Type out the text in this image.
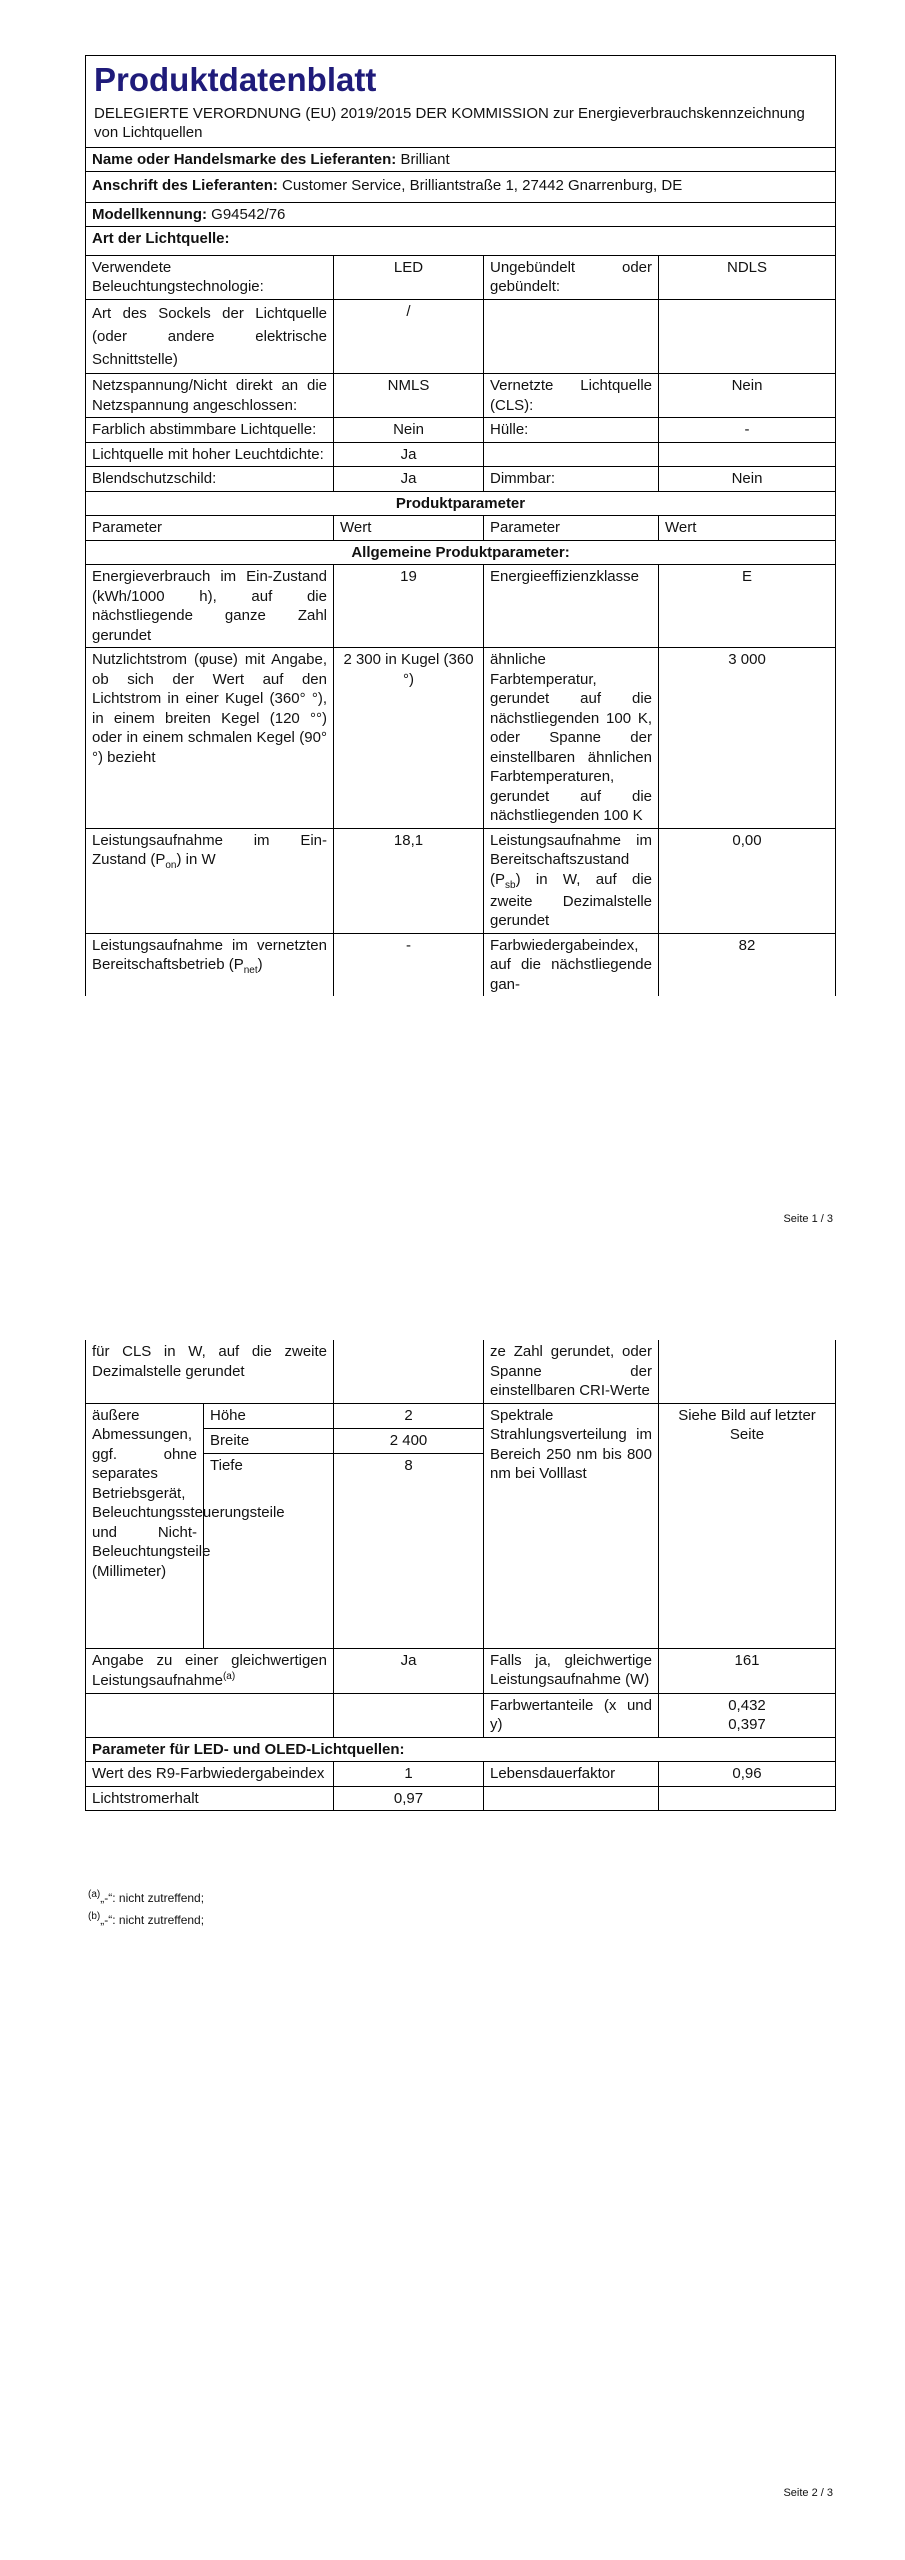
Produktdatenblatt
DELEGIERTE VERORDNUNG (EU) 2019/2015 DER KOMMISSION zur Energieverbrauchskennzeichnung von Lichtquellen			

Name oder Handelsmarke des Lieferanten: Brilliant			
Anschrift des Lieferanten: Customer Service, Brilliantstraße 1, 27442 Gnarrenburg, DE			
Modellkennung: G94542/76			
Art der Lichtquelle:			
Verwendete Beleuchtungstechnologie:	LED	Ungebündelt oder gebündelt:	NDLS
Art des Sockels der Lichtquelle (oder andere elektrische Schnittstelle)	/		
Netzspannung/Nicht direkt an die Netzspannung angeschlossen:	NMLS	Vernetzte Lichtquelle (CLS):	Nein
Farblich abstimmbare Lichtquelle:	Nein	Hülle:	-
Lichtquelle mit hoher Leuchtdichte:	Ja		
Blendschutzschild:	Ja	Dimmbar:	Nein
Produktparameter			
Parameter	Wert	Parameter	Wert
Allgemeine Produktparameter:			
Energieverbrauch im Ein-Zustand (kWh/1000 h), auf die nächstliegende ganze Zahl gerundet	19	Energieeffizienzklasse	E
Nutzlichtstrom (φuse) mit Angabe, ob sich der Wert auf den Lichtstrom in einer Kugel (360° °), in einem breiten Kegel (120 °°) oder in einem schmalen Kegel (90° °) bezieht	2 300 in Kugel (360 °)	ähnliche Farbtemperatur, gerundet auf die nächstliegenden 100 K, oder Spanne der einstellbaren ähnlichen Farbtemperaturen, gerundet auf die nächstliegenden 100 K	3 000
Leistungsaufnahme im Ein-Zustand $(P_{on})$ in W	18,1	Leistungsaufnahme im Bereitschaftszustand $(P_{sb})$ in W, auf die zweite Dezimalstelle gerundet	0,00
Leistungsaufnahme im vernetzten Bereitschaftsbetrieb $(P_{net})$	-	Farbwiedergabeindex, auf die nächstliegende gan-	82
Seite 1 / 3
für CLS in W, auf die zweite Dezimalstelle gerundet			ze Zahl gerundet, oder Spanne der einstellbaren CRI-Werte	
äußere Abmessungen, ggf. ohne separates Betriebsgerät, Beleuchtungssteuerungsteile und Nicht-Beleuchtungsteile (Millimeter)	Höhe	2	Spektrale Strahlungsverteilung im Bereich 250 nm bis 800 nm bei Volllast	Siehe Bild auf letzter Seite
	Breite	2 400		
	Tiefe	8		
Angabe zu einer gleichwertigen Leistungsaufnahme$^{(a)}$		Ja	Falls ja, gleichwertige Leistungsaufnahme (W)	161
			Farbwertanteile (x und y)	0,432
0,397

Parameter für LED- und OLED-Lichtquellen:				
Wert des R9-Farbwiedergabeindex		1	Lebensdauerfaktor	0,96
Lichtstromerhalt		0,97		
$^{(a)}$„-“: nicht zutreffend;
$^{(b)}$„-“: nicht zutreffend;
Seite 2 / 3
